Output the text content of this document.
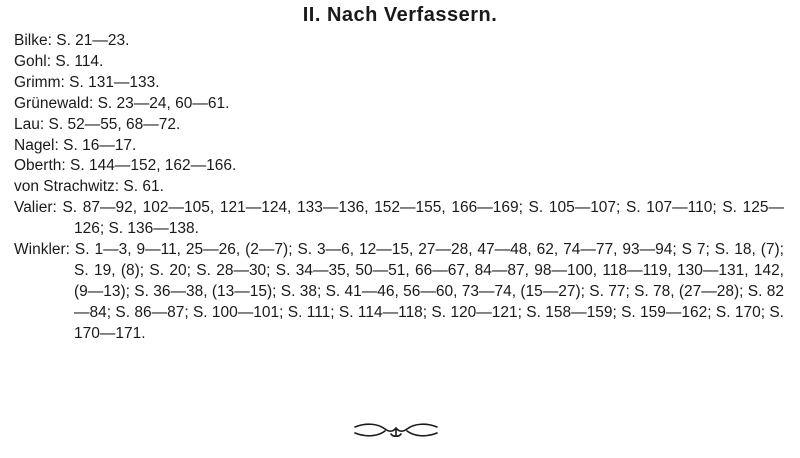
II. Nach Verfassern.
Bilke: S. 21—23.
Gohl: S. 114.
Grimm: S. 131—133.
Grünewald: S. 23—24, 60—61.
Lau: S. 52—55, 68—72.
Nagel: S. 16—17.
Oberth: S. 144—152, 162—166.
von Strachwitz: S. 61.
Valier: S. 87—92, 102—105, 121—124, 133—136, 152—155, 166—169; S. 105—107; S. 107—110; S. 125—126; S. 136—138.
Winkler: S. 1—3, 9—11, 25—26, (2—7); S. 3—6, 12—15, 27—28, 47—48, 62, 74—77, 93—94; S 7; S. 18, (7); S. 19, (8); S. 20; S. 28—30; S. 34—35, 50—51, 66—67, 84—87, 98—100, 118—119, 130—131, 142, (9—13); S. 36—38, (13—15); S. 38; S. 41—46, 56—60, 73—74, (15—27); S. 77; S. 78, (27—28); S. 82—84; S. 86—87; S. 100—101; S. 111; S. 114—118; S. 120—121; S. 158—159; S. 159—162; S. 170; S. 170—171.
